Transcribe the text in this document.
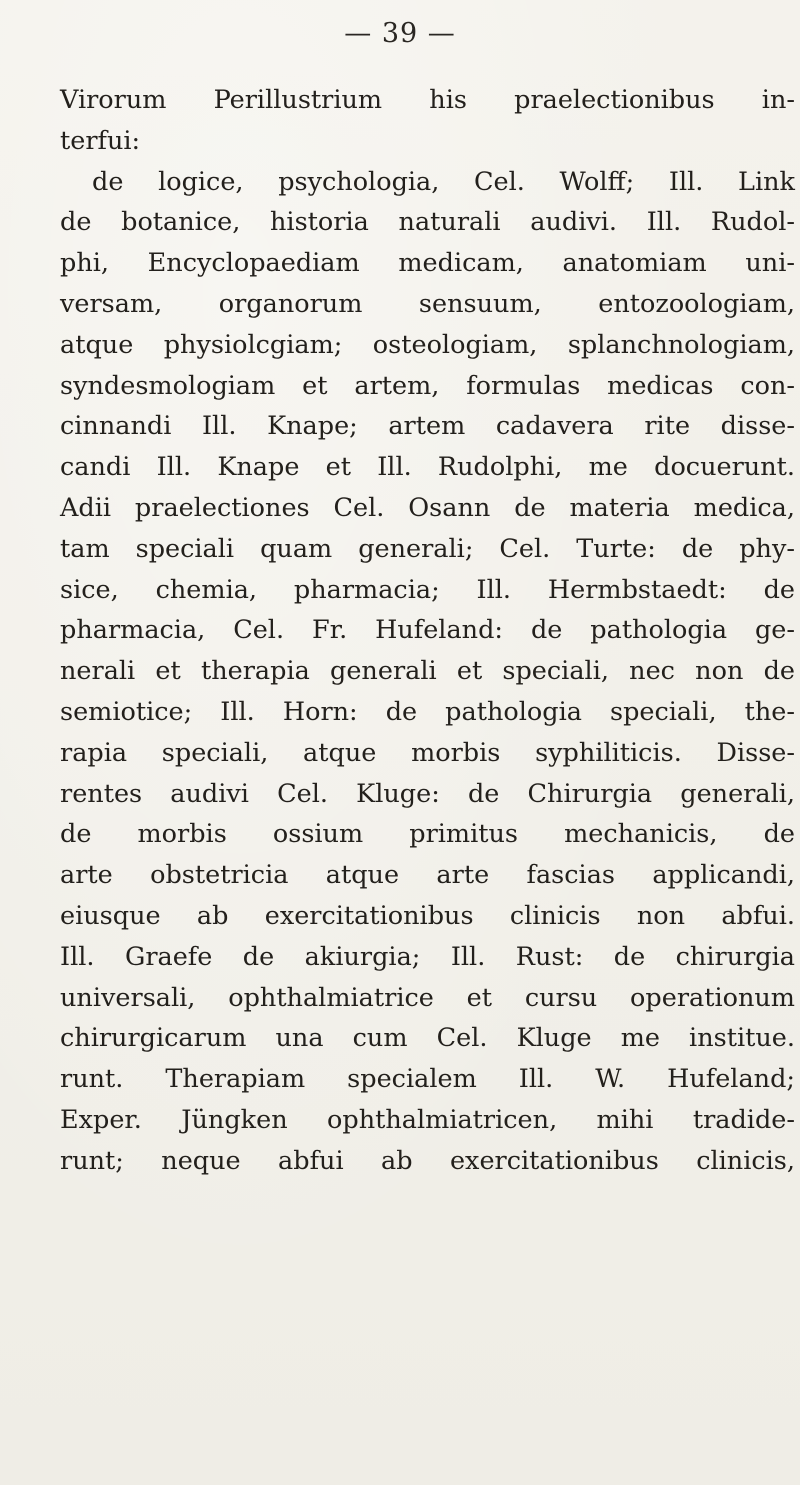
— 39 —
Virorum Perillustrium his praelectionibus in-
terfui:
de logice, psychologia, Cel. Wolff; Ill. Link
de botanice, historia naturali audivi. Ill. Rudol-
phi, Encyclopaediam medicam, anatomiam uni-
versam, organorum sensuum, entozoologiam,
atque physiolcgiam; osteologiam, splanchnologiam,
syndesmologiam et artem, formulas medicas con-
cinnandi Ill. Knape; artem cadavera rite disse-
candi Ill. Knape et Ill. Rudolphi, me docuerunt.
Adii praelectiones Cel. Osann de materia medica,
tam speciali quam generali; Cel. Turte: de phy-
sice, chemia, pharmacia; Ill. Hermbstaedt: de
pharmacia, Cel. Fr. Hufeland: de pathologia ge-
nerali et therapia generali et speciali, nec non de
semiotice; Ill. Horn: de pathologia speciali, the-
rapia speciali, atque morbis syphiliticis. Disse-
rentes audivi Cel. Kluge: de Chirurgia generali,
de morbis ossium primitus mechanicis, de
arte obstetricia atque arte fascias applicandi,
eiusque ab exercitationibus clinicis non abfui.
Ill. Graefe de akiurgia; Ill. Rust: de chirurgia
universali, ophthalmiatrice et cursu operationum
chirurgicarum una cum Cel. Kluge me institue.
runt. Therapiam specialem Ill. W. Hufeland;
Exper. Jüngken ophthalmiatricen, mihi tradide-
runt; neque abfui ab exercitationibus clinicis,
